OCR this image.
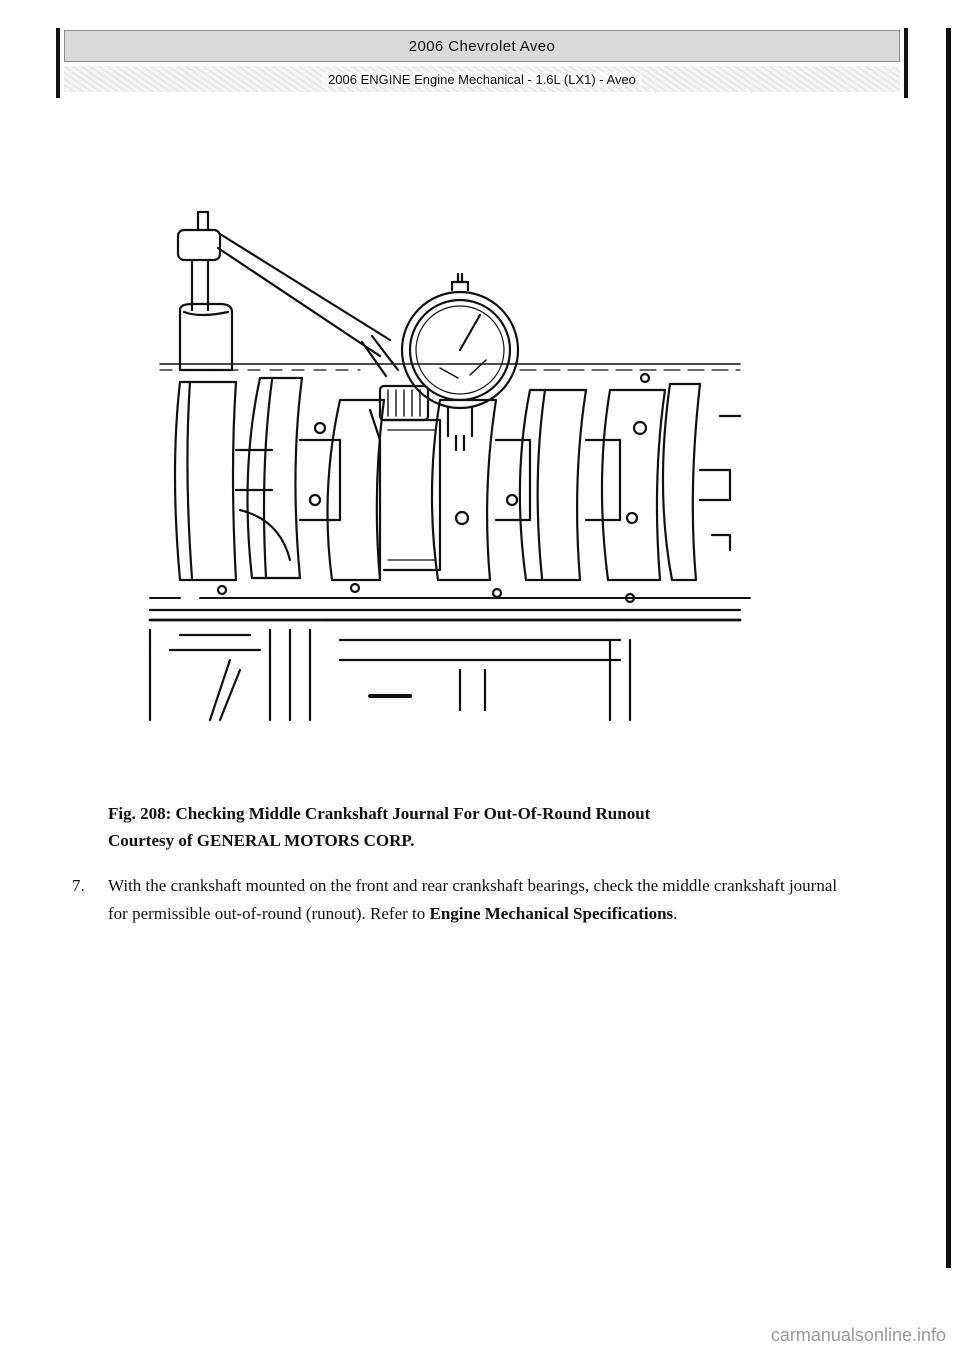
2006 Chevrolet Aveo
2006 ENGINE Engine Mechanical - 1.6L (LX1) - Aveo
Fig. 208: Checking Middle Crankshaft Journal For Out-Of-Round Runout
Courtesy of GENERAL MOTORS CORP.
7. With the crankshaft mounted on the front and rear crankshaft bearings, check the middle crankshaft journal for permissible out-of-round (runout). Refer to Engine Mechanical Specifications.
carmanualsonline.info
